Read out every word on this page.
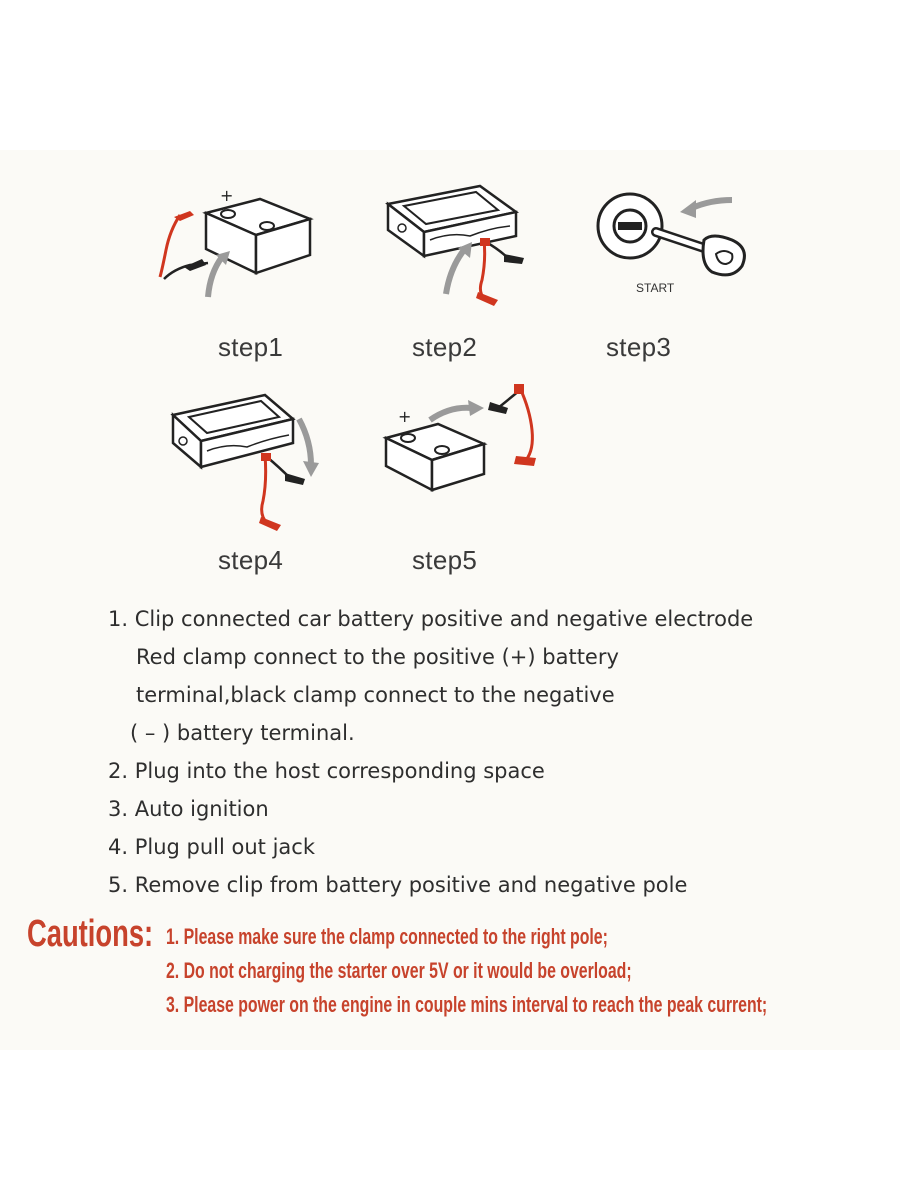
+
step1	step2
START
step3
step4
+
step5
1. Clip connected car battery positive and negative electrode
Red clamp connect to the positive (+) battery
terminal,black clamp connect to the negative
( – ) battery terminal.
2. Plug into the host corresponding space
3. Auto ignition
4. Plug pull out jack
5. Remove clip from battery positive and negative pole
Cautions: 1. Please make sure the clamp connected to the right pole;
2. Do not charging the starter over 5V or it would be overload;
3. Please power on the engine in couple mins interval to reach the peak current;
